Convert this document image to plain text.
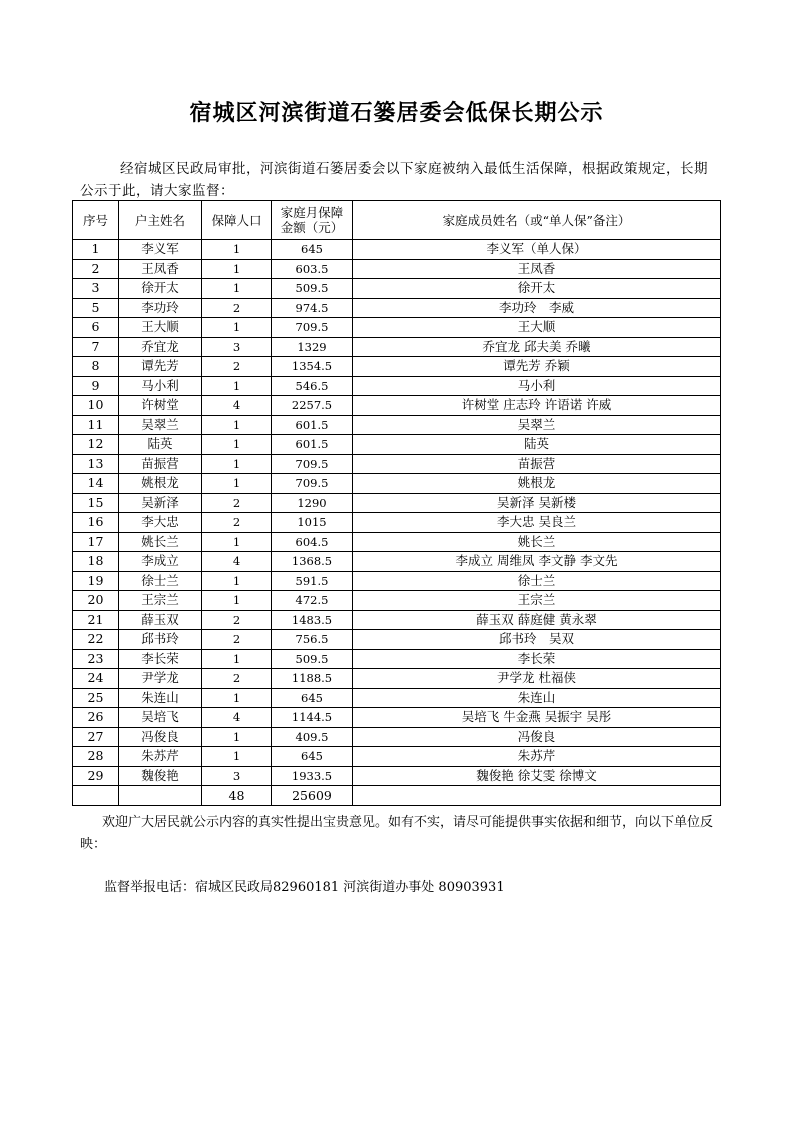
宿城区河滨街道石篓居委会低保长期公示
经宿城区民政局审批，河滨街道石篓居委会以下家庭被纳入最低生活保障，根据政策规定，长期公示于此，请大家监督：
序号	户主姓名	保障人口	家庭月保障
金额（元）	家庭成员姓名（或“单人保”备注）
1	李义军	1	645	李义军（单人保）
2	王凤香	1	603.5	王凤香
3	徐开太	1	509.5	徐开太
5	李功玲	2	974.5	李功玲　李威
6	王大顺	1	709.5	王大顺
7	乔宜龙	3	1329	乔宜龙 邱夫美 乔曦
8	谭先芳	2	1354.5	谭先芳 乔颖
9	马小利	1	546.5	马小利
10	许树堂	4	2257.5	许树堂 庄志玲 许语诺 许威
11	吴翠兰	1	601.5	吴翠兰
12	陆英	1	601.5	陆英
13	苗振营	1	709.5	苗振营
14	姚根龙	1	709.5	姚根龙
15	吴新泽	2	1290	吴新泽 吴新楼
16	李大忠	2	1015	李大忠 吴良兰
17	姚长兰	1	604.5	姚长兰
18	李成立	4	1368.5	李成立 周维凤 李文静 李文先
19	徐士兰	1	591.5	徐士兰
20	王宗兰	1	472.5	王宗兰
21	薛玉双	2	1483.5	薛玉双 薛庭健 黄永翠
22	邱书玲	2	756.5	邱书玲　吴双
23	李长荣	1	509.5	李长荣
24	尹学龙	2	1188.5	尹学龙 杜福侠
25	朱连山	1	645	朱连山
26	吴培飞	4	1144.5	吴培飞 牛金燕 吴振宇 吴彤
27	冯俊良	1	409.5	冯俊良
28	朱苏芹	1	645	朱苏芹
29	魏俊艳	3	1933.5	魏俊艳 徐艾雯 徐博文
		48	25609	
欢迎广大居民就公示内容的真实性提出宝贵意见。如有不实，请尽可能提供事实依据和细节，向以下单位反映：
监督举报电话：宿城区民政局82960181 河滨街道办事处 80903931
